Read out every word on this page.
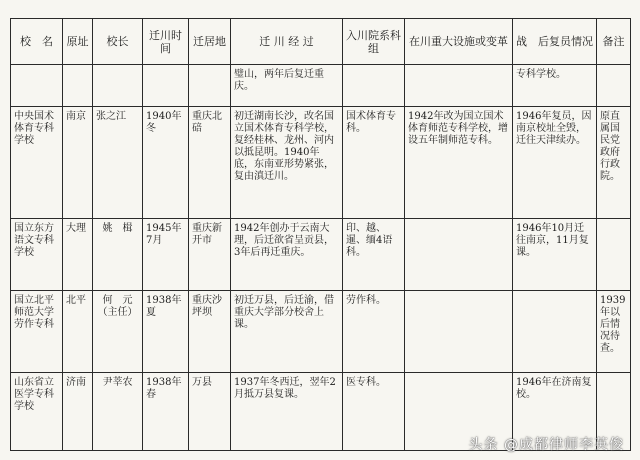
校　名	原址	校长	迁川时间	迁居地	迁 川 经 过	入川院系科组	在川重大设施或变革	战　后复员情况	备注
					璧山，两年后复迁重庆。			专科学校。	
中央国术体育专科学校	南京	张之江	1940年冬	重庆北碚	初迁湖南长沙，改名国立国术体育专科学校，复经桂林、龙州、河内以抵昆明。1940年底，东南亚形势紧张，复由滇迁川。	国术体育专科。	1942年改为国立国术体育师范专科学校，增设五年制师范专科。	1946年复员，因南京校址全毁，迁往天津续办。	原直属国民党政府行政院。
国立东方语文专科学校	大理	姚　楫	1945年7月	重庆新开市	1942年创办于云南大理，后迁欲省呈贡县，3年后再迁重庆。	印、越、暹、缅4语科。		1946年10月迁往南京，11月复课。	
国立北平师范大学劳作专科	北平	何　元（主任）	1938年夏	重庆沙坪坝	初迁万县，后迁渝，借重庆大学部分校舍上课。	劳作科。			1939年以后情况待查。
山东省立医学专科学校	济南	尹莘农	1938年春	万县	1937年冬西迁，翌年2月抵万县复课。	医专科。		1946年在济南复校。	
头条 @成都律师李英俊
